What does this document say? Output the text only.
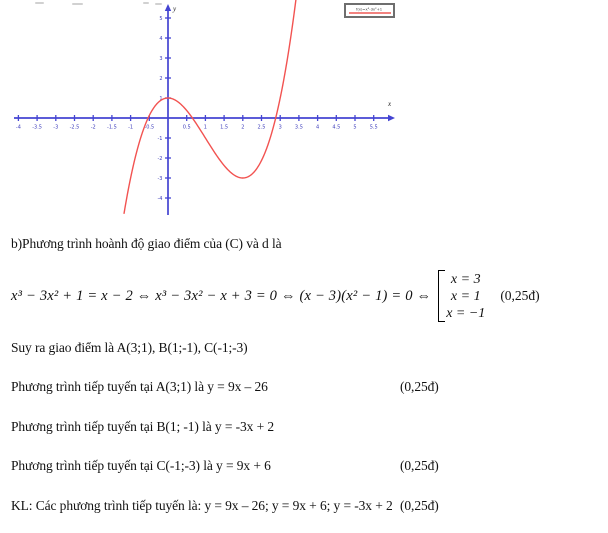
x
y
-4 -3.5 -3 -2.5 -2 -1.5 -1 -0.5	0.5	1	1.5	2	2.5	3	3.5	4	4.5	5	5.5
-4
-3
-2
-1
1
2
3
4
5
f(x)=x³-3x²+1
b)Phương trình hoành độ giao điểm của (C) và d là
x³ − 3x² + 1 = x − 2 ⇔ x³ − 3x² − x + 3 = 0 ⇔ (x − 3)(x² − 1) = 0 ⇔
x = 3
x = 1
x = −1
(0,25đ)
Suy ra giao điểm là A(3;1), B(1;-1), C(-1;-3)
Phương trình tiếp tuyến tại A(3;1) là y = 9x – 26	(0,25đ)
Phương trình tiếp tuyến tại B(1; -1) là y = -3x + 2
Phương trình tiếp tuyến tại C(-1;-3) là y = 9x + 6	(0,25đ)
KL: Các phương trình tiếp tuyến là: y = 9x – 26; y = 9x + 6; y = -3x + 2 (0,25đ)
